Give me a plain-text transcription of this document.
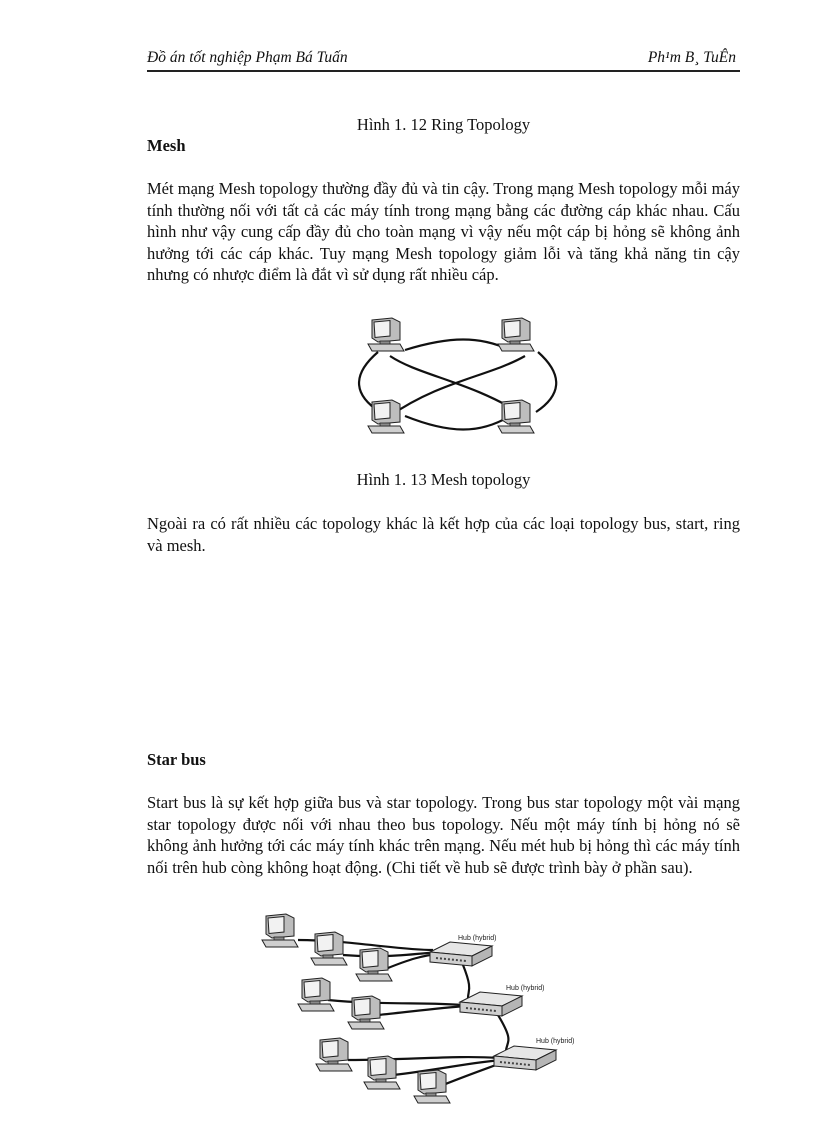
Đồ án tốt nghiệp Phạm Bá Tuấn	Ph¹m B¸ TuÊn
Hình 1. 12 Ring Topology
Mesh

Mét mạng Mesh topology thường đầy đủ và tin cậy. Trong mạng Mesh topology mỗi máy tính thường nối với tất cả các máy tính trong mạng bằng các đường cáp khác nhau. Cấu hình như vậy cung cấp đầy đủ cho toàn mạng vì vậy nếu một cáp bị hỏng sẽ không ảnh hưởng tới các cáp khác. Tuy mạng Mesh topology giảm lỗi và tăng khả năng tin cậy nhưng có nhược điểm là đắt vì sử dụng rất nhiều cáp.

Hình 1. 13 Mesh topology

Ngoài ra có rất nhiều các topology khác là kết hợp của các loại topology bus, start, ring và mesh.

Star bus

Start bus là sự kết hợp giữa bus và star topology. Trong bus star topology một vài mạng star topology được nối với nhau theo bus topology. Nếu một máy tính bị hỏng nó sẽ không ảnh hưởng tới các máy tính khác trên mạng. Nếu mét hub bị hỏng thì các máy tính nối trên hub còng không hoạt động. (Chi tiết về hub sẽ được trình bày ở phần sau).

Hub (hybrid)
Hub (hybrid)
Hub (hybrid)
